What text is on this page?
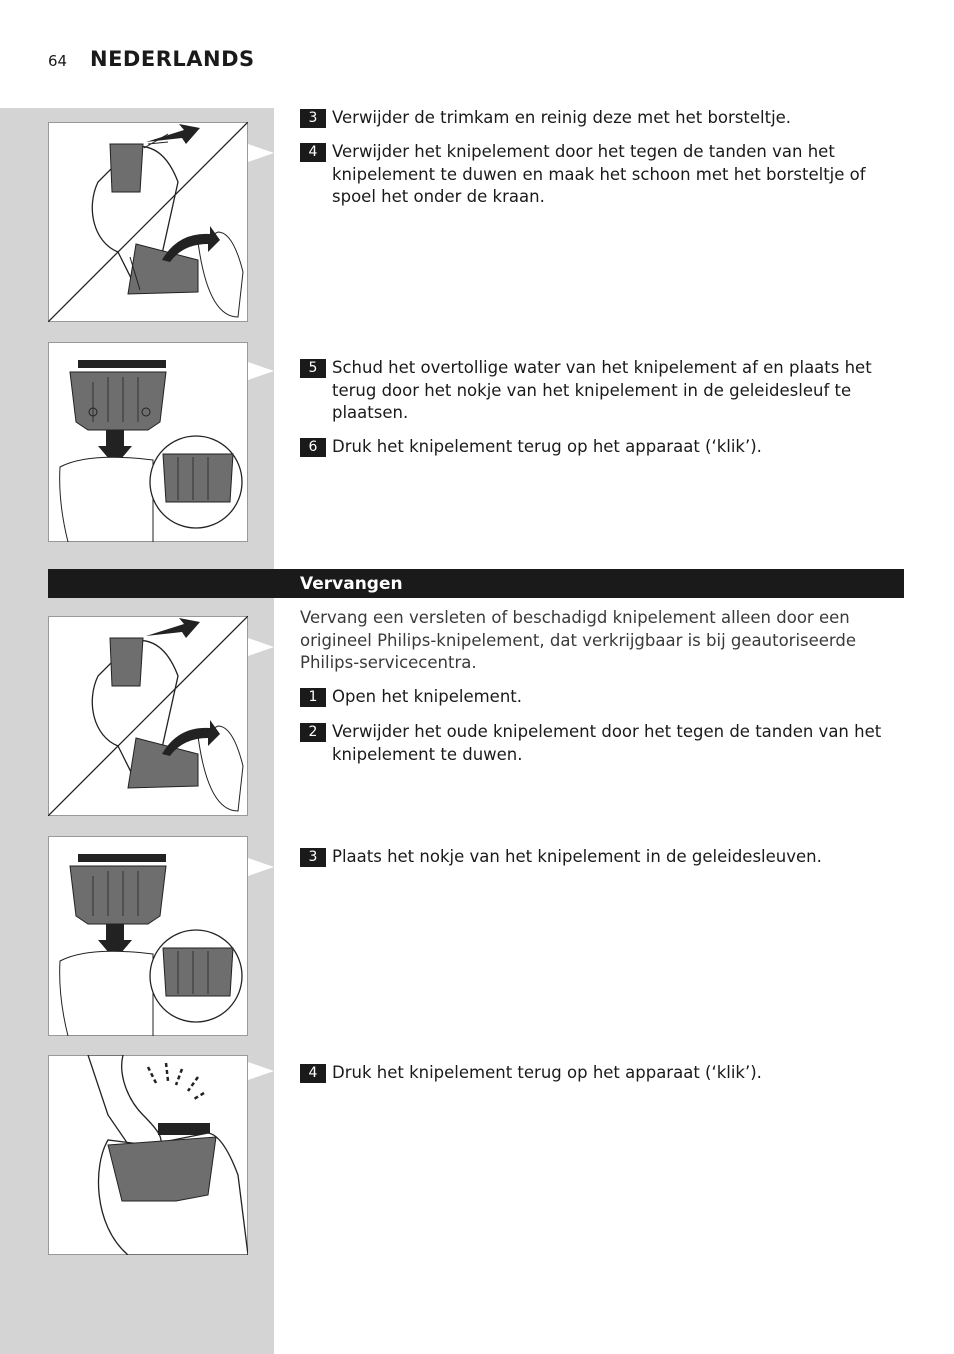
64 NEDERLANDS
3 Verwijder de trimkam en reinig deze met het borsteltje.
4 Verwijder het knipelement door het tegen de tanden van het knipelement te duwen en maak het schoon met het borsteltje of spoel het onder de kraan.
5 Schud het overtollige water van het knipelement af en plaats het terug door het nokje van het knipelement in de geleidesleuf te plaatsen.
6 Druk het knipelement terug op het apparaat (‘klik’).
Vervangen
Vervang een versleten of beschadigd knipelement alleen door een origineel Philips-knipelement, dat verkrijgbaar is bij geautoriseerde Philips-servicecentra.
1 Open het knipelement.
2 Verwijder het oude knipelement door het tegen de tanden van het knipelement te duwen.
3 Plaats het nokje van het knipelement in de geleidesleuven.
4 Druk het knipelement terug op het apparaat (‘klik’).
